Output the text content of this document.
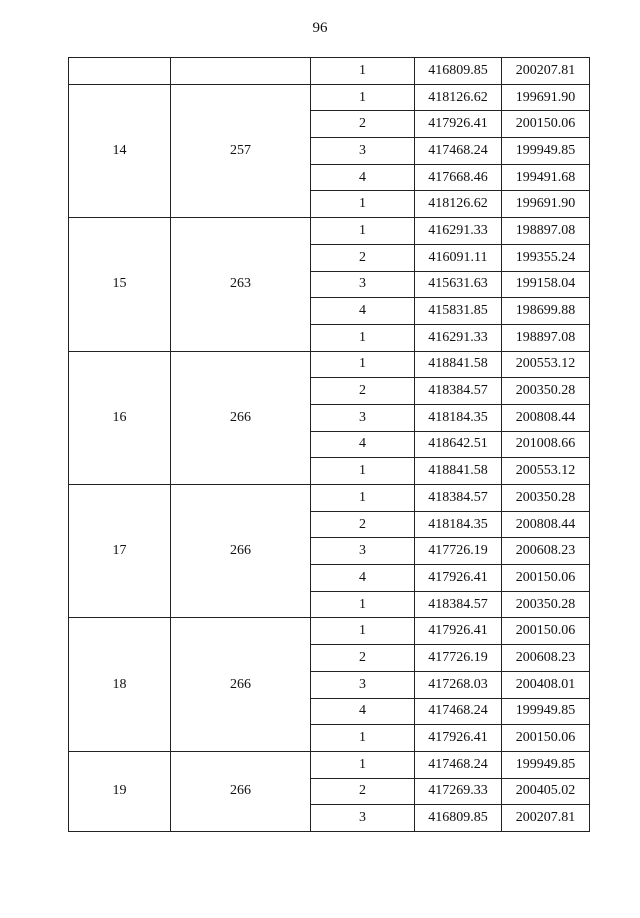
96
		1	416809.85	200207.81
14	257	1	418126.62	199691.90
		2	417926.41	200150.06
		3	417468.24	199949.85
		4	417668.46	199491.68
		1	418126.62	199691.90
15	263	1	416291.33	198897.08
		2	416091.11	199355.24
		3	415631.63	199158.04
		4	415831.85	198699.88
		1	416291.33	198897.08
16	266	1	418841.58	200553.12
		2	418384.57	200350.28
		3	418184.35	200808.44
		4	418642.51	201008.66
		1	418841.58	200553.12
17	266	1	418384.57	200350.28
		2	418184.35	200808.44
		3	417726.19	200608.23
		4	417926.41	200150.06
		1	418384.57	200350.28
18	266	1	417926.41	200150.06
		2	417726.19	200608.23
		3	417268.03	200408.01
		4	417468.24	199949.85
		1	417926.41	200150.06
19	266	1	417468.24	199949.85
		2	417269.33	200405.02
		3	416809.85	200207.81
